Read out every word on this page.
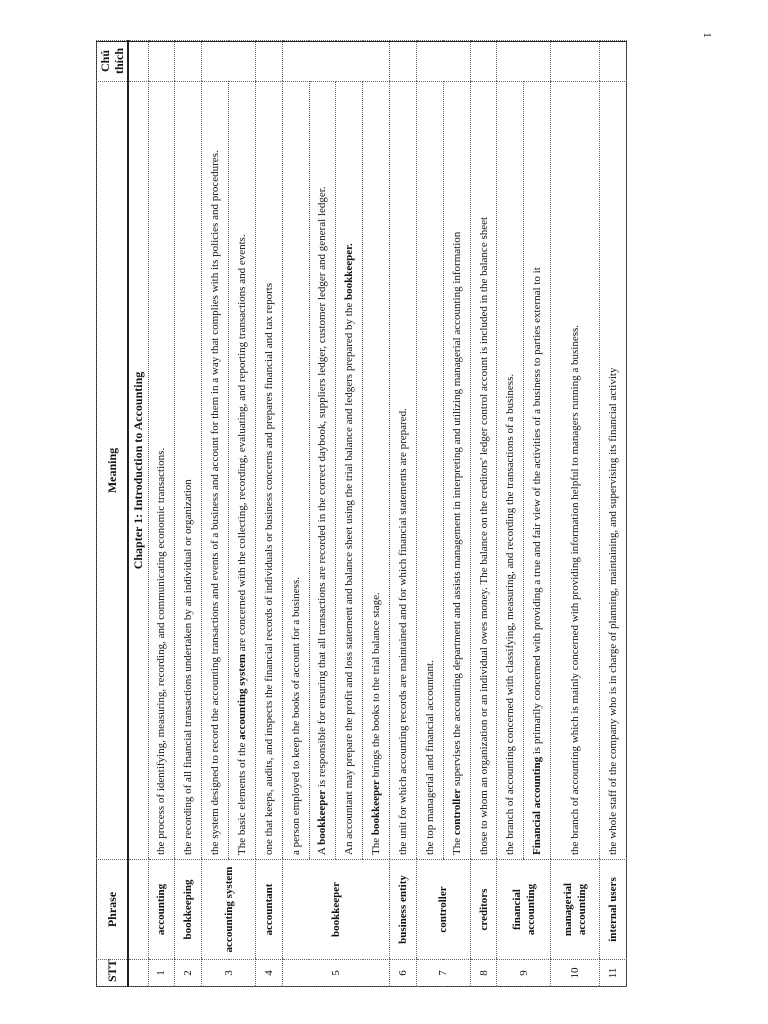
1
STT	Phrase	Meaning	Chú thích
		Chapter 1: Introduction to Accounting	
1	accounting	the process of identifying, measuring, recording, and communicating economic transactions.	
2	bookkeeping	the recording of all financial transactions undertaken by an individual or organization	
3	accounting system	the system designed to record the accounting transactions and events of a business and account for them in a way that complies with its policies and procedures.	
		The basic elements of the accounting system are concerned with the collecting, recording, evaluating, and reporting transactions and events.	
4	accountant	one that keeps, audits, and inspects the financial records of individuals or business concerns and prepares financial and tax reports	
5	bookkeeper	a person employed to keep the books of account for a business.	
		A bookkeeper is responsible for ensuring that all transactions are recorded in the correct daybook, suppliers ledger, customer ledger and general ledger.	
		An accountant may prepare the profit and loss statement and balance sheet using the trial balance and ledgers prepared by the bookkeeper.	
		The bookkeeper brings the books to the trial balance stage.	
6	business entity	the unit for which accounting records are maintained and for which financial statements are prepared.	
7	controller	the top managerial and financial accountant.	
		The controller supervises the accounting department and assists management in interpreting and utilizing managerial accounting information	
8	creditors	those to whom an organization or an individual owes money. The balance on the creditors' ledger control account is included in the balance sheet	
9	financial accounting	the branch of accounting concerned with classifying, measuring, and recording the transactions of a business.	
		Financial accounting is primarily concerned with providing a true and fair view of the activities of a business to parties external to it	
10	managerial accounting	the branch of accounting which is mainly concerned with providing information helpful to managers running a business.	
11	internal users	the whole staff of the company who is in charge of planning, maintaining, and supervising its financial activity	
